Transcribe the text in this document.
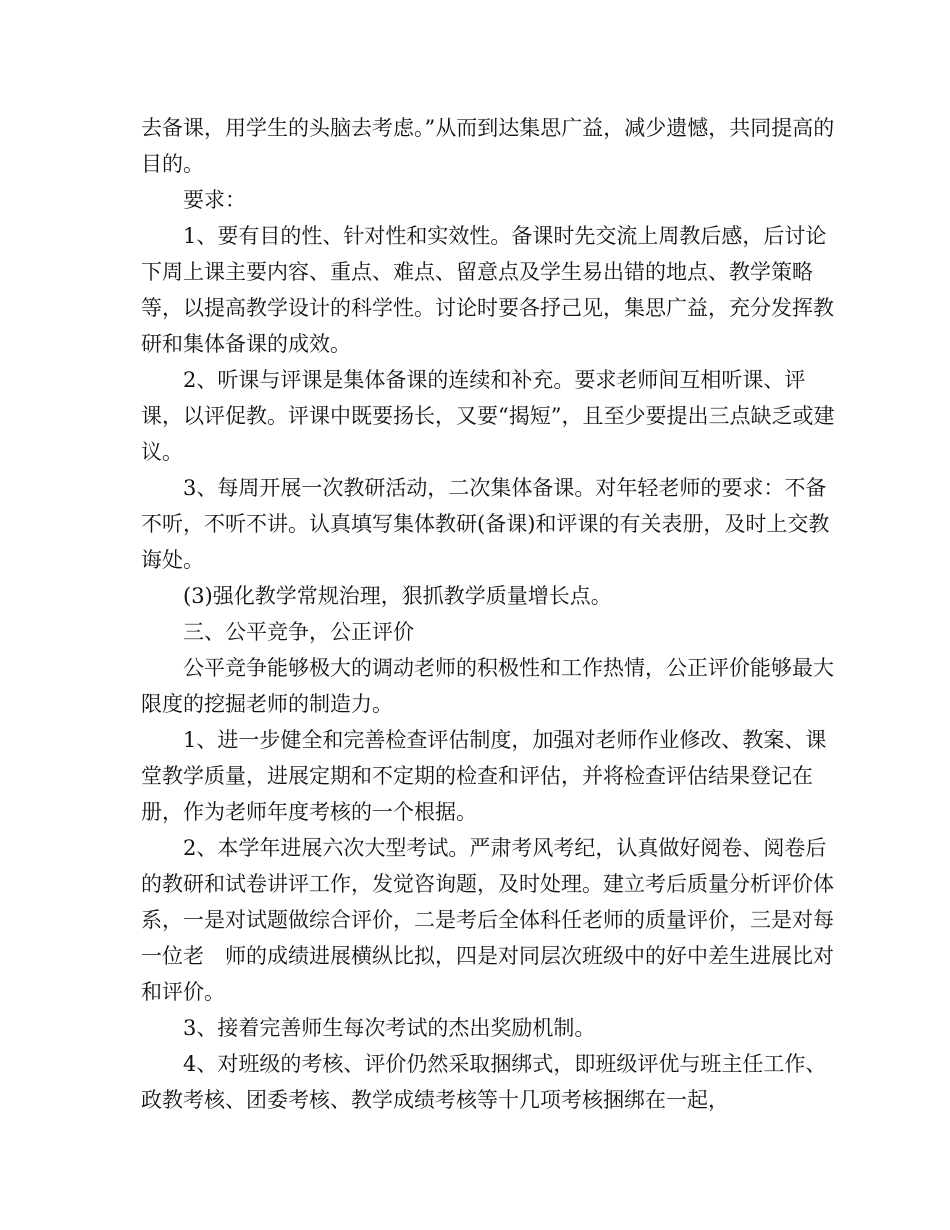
去备课，用学生的头脑去考虑。”从而到达集思广益，减少遗憾，共同提高的目的。

要求：

1、要有目的性、针对性和实效性。备课时先交流上周教后感，后讨论下周上课主要内容、重点、难点、留意点及学生易出错的地点、教学策略等，以提高教学设计的科学性。讨论时要各抒己见，集思广益，充分发挥教研和集体备课的成效。

2、听课与评课是集体备课的连续和补充。要求老师间互相听课、评课，以评促教。评课中既要扬长，又要“揭短”，且至少要提出三点缺乏或建议。

3、每周开展一次教研活动，二次集体备课。对年轻老师的要求：不备不听，不听不讲。认真填写集体教研(备课)和评课的有关表册，及时上交教诲处。

(3)强化教学常规治理，狠抓教学质量增长点。

三、公平竞争，公正评价

公平竞争能够极大的调动老师的积极性和工作热情，公正评价能够最大限度的挖掘老师的制造力。

1、进一步健全和完善检查评估制度，加强对老师作业修改、教案、课堂教学质量，进展定期和不定期的检查和评估，并将检查评估结果登记在册，作为老师年度考核的一个根据。

2、本学年进展六次大型考试。严肃考风考纪，认真做好阅卷、阅卷后的教研和试卷讲评工作，发觉咨询题，及时处理。建立考后质量分析评价体系，一是对试题做综合评价，二是考后全体科任老师的质量评价，三是对每一位老　师的成绩进展横纵比拟，四是对同层次班级中的好中差生进展比对和评价。

3、接着完善师生每次考试的杰出奖励机制。

4、对班级的考核、评价仍然采取捆绑式，即班级评优与班主任工作、政教考核、团委考核、教学成绩考核等十几项考核捆绑在一起，
